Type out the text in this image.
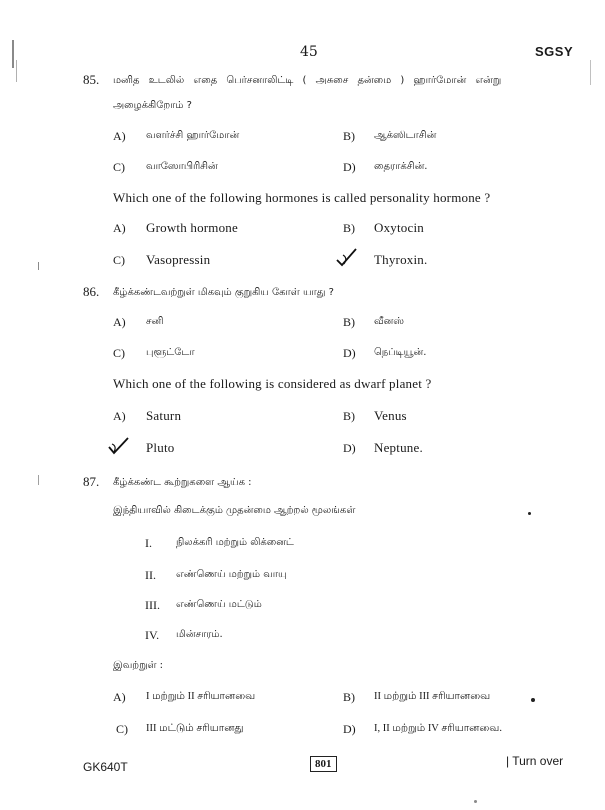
45	SGSY
85. மனித உடலில் எதை பெர்சனாலிட்டி ( அசுசை தன்மை ) ஹார்மோன் என்று
அழைக்கிறோம் ?
A) வளர்ச்சி ஹார்மோன்	B) ஆக்ஸிடாசின்
C) வாஸோபிரிசின்	D) தைராக்சின்.
Which one of the following hormones is called personality hormone ?
A) Growth hormone	B) Oxytocin
C) Vasopressin	Thyroxin.
86. கீழ்க்கண்டவற்றுள் மிகவும் குறுகிய கோள் யாது ?
A) சனி	B) வீனஸ்
C) புளூட்டோ	D) நெப்டியூன்.
Which one of the following is considered as dwarf planet ?
A) Saturn	B) Venus
Pluto	D) Neptune.
87. கீழ்க்கண்ட கூற்றுகளை ஆய்க :
இந்தியாவில் கிடைக்கும் முதன்மை ஆற்றல் மூலங்கள்
I. நிலக்கரி மற்றும் லிக்னைட்
II. எண்ணெய் மற்றும் வாயு
III. எண்ணெய் மட்டும்
IV. மின்சாரம்.
இவற்றுள் :
A) I மற்றும் II சரியானவை	B) II மற்றும் III சரியானவை
C) III மட்டும் சரியானது	D) I, II மற்றும் IV சரியானவை.
GK640T	801	| Turn over
